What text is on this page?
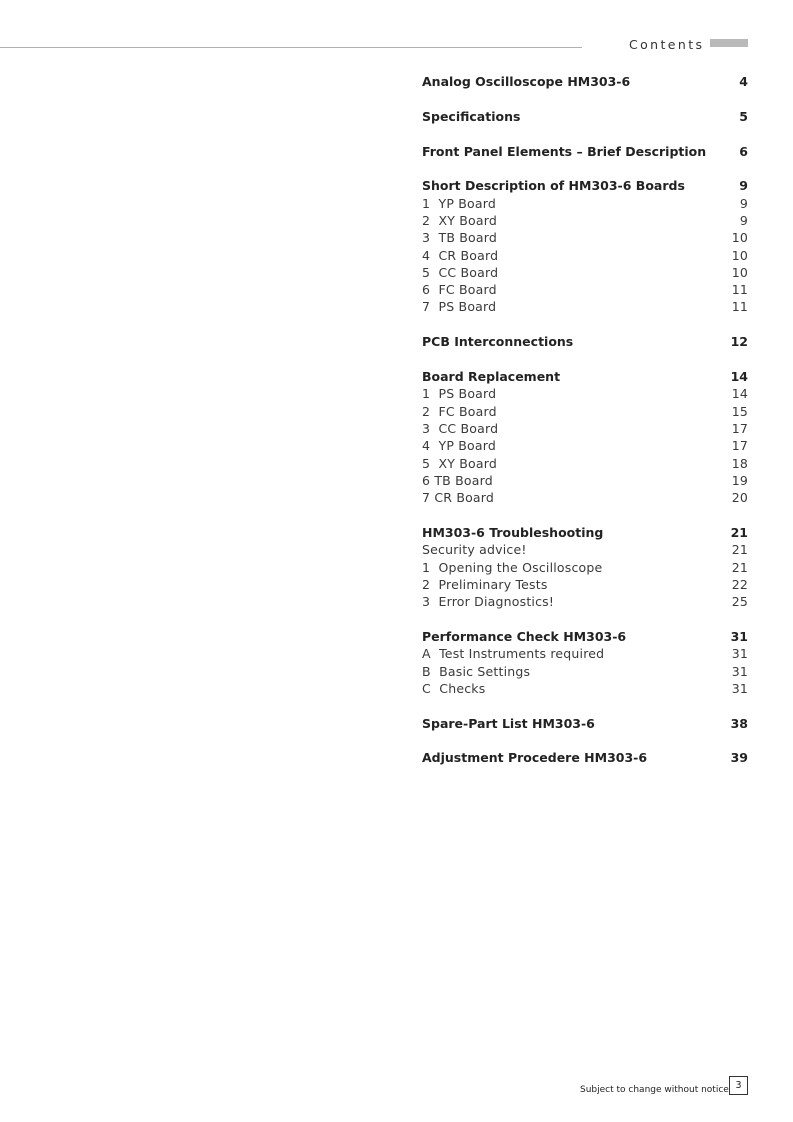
Contents
Analog Oscilloscope HM303-6	4
Specifications	5
Front Panel Elements – Brief Description	6
Short Description of HM303-6 Boards	9
1  YP Board	9
2  XY Board	9
3  TB Board	10
4  CR Board	10
5  CC Board	10
6  FC Board	11
7  PS Board	11
PCB Interconnections	12
Board Replacement	14
1  PS Board	14
2  FC Board	15
3  CC Board	17
4  YP Board	17
5  XY Board	18
6 TB Board	19
7 CR Board	20
HM303-6 Troubleshooting	21
Security advice!	21
1  Opening the Oscilloscope	21
2  Preliminary Tests	22
3  Error Diagnostics!	25
Performance Check HM303-6	31
A  Test Instruments required	31
B  Basic Settings	31
C  Checks	31
Spare-Part List HM303-6	38
Adjustment Procedere HM303-6	39
Subject to change without notice 3
